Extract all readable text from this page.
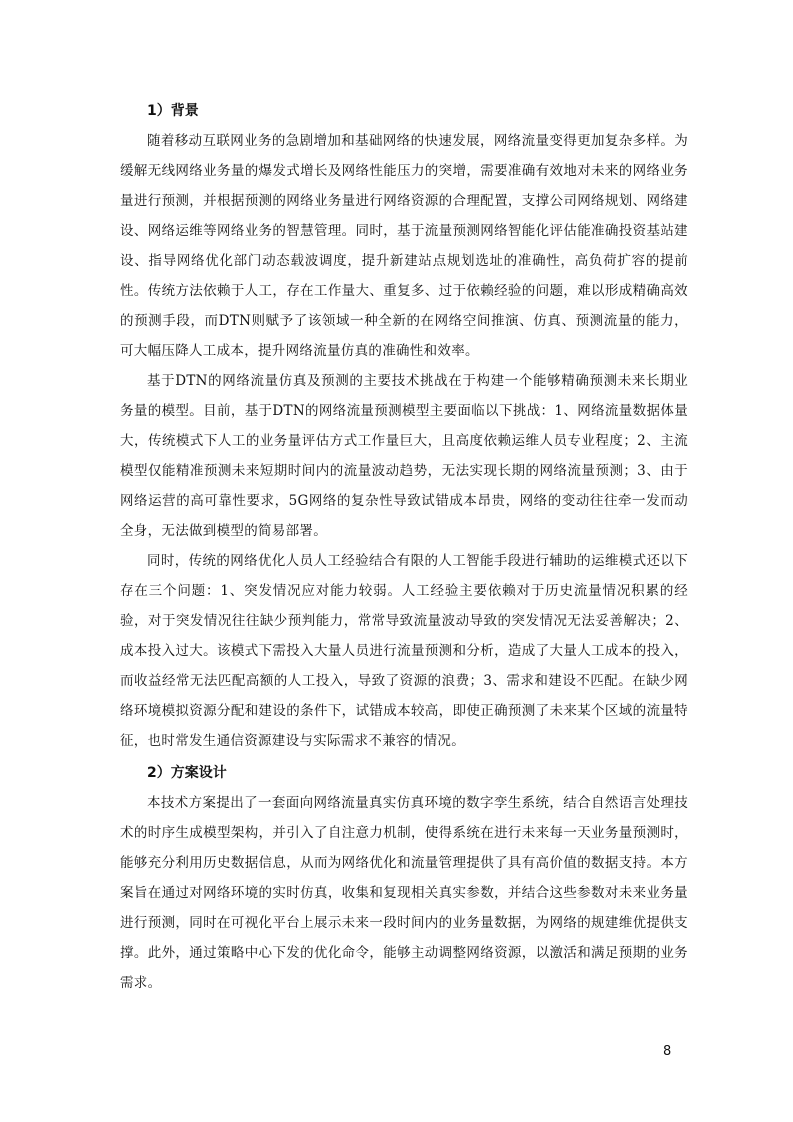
1）背景

随着移动互联网业务的急剧增加和基础网络的快速发展，网络流量变得更加复杂多样。为缓解无线网络业务量的爆发式增长及网络性能压力的突增，需要准确有效地对未来的网络业务量进行预测，并根据预测的网络业务量进行网络资源的合理配置，支撑公司网络规划、网络建设、网络运维等网络业务的智慧管理。同时，基于流量预测网络智能化评估能准确投资基站建设、指导网络优化部门动态载波调度，提升新建站点规划选址的准确性，高负荷扩容的提前性。传统方法依赖于人工，存在工作量大、重复多、过于依赖经验的问题，难以形成精确高效的预测手段，而DTN则赋予了该领域一种全新的在网络空间推演、仿真、预测流量的能力，可大幅压降人工成本，提升网络流量仿真的准确性和效率。

基于DTN的网络流量仿真及预测的主要技术挑战在于构建一个能够精确预测未来长期业务量的模型。目前，基于DTN的网络流量预测模型主要面临以下挑战：1、网络流量数据体量大，传统模式下人工的业务量评估方式工作量巨大，且高度依赖运维人员专业程度；2、主流模型仅能精准预测未来短期时间内的流量波动趋势，无法实现长期的网络流量预测；3、由于网络运营的高可靠性要求，5G网络的复杂性导致试错成本昂贵，网络的变动往往牵一发而动全身，无法做到模型的简易部署。

同时，传统的网络优化人员人工经验结合有限的人工智能手段进行辅助的运维模式还以下存在三个问题：1、突发情况应对能力较弱。人工经验主要依赖对于历史流量情况积累的经验，对于突发情况往往缺少预判能力，常常导致流量波动导致的突发情况无法妥善解决；2、成本投入过大。该模式下需投入大量人员进行流量预测和分析，造成了大量人工成本的投入，而收益经常无法匹配高额的人工投入，导致了资源的浪费；3、需求和建设不匹配。在缺少网络环境模拟资源分配和建设的条件下，试错成本较高，即使正确预测了未来某个区域的流量特征，也时常发生通信资源建设与实际需求不兼容的情况。

2）方案设计

本技术方案提出了一套面向网络流量真实仿真环境的数字孪生系统，结合自然语言处理技术的时序生成模型架构，并引入了自注意力机制，使得系统在进行未来每一天业务量预测时，能够充分利用历史数据信息，从而为网络优化和流量管理提供了具有高价值的数据支持。本方案旨在通过对网络环境的实时仿真，收集和复现相关真实参数，并结合这些参数对未来业务量进行预测，同时在可视化平台上展示未来一段时间内的业务量数据，为网络的规建维优提供支撑。此外，通过策略中心下发的优化命令，能够主动调整网络资源，以激活和满足预期的业务需求。

8
